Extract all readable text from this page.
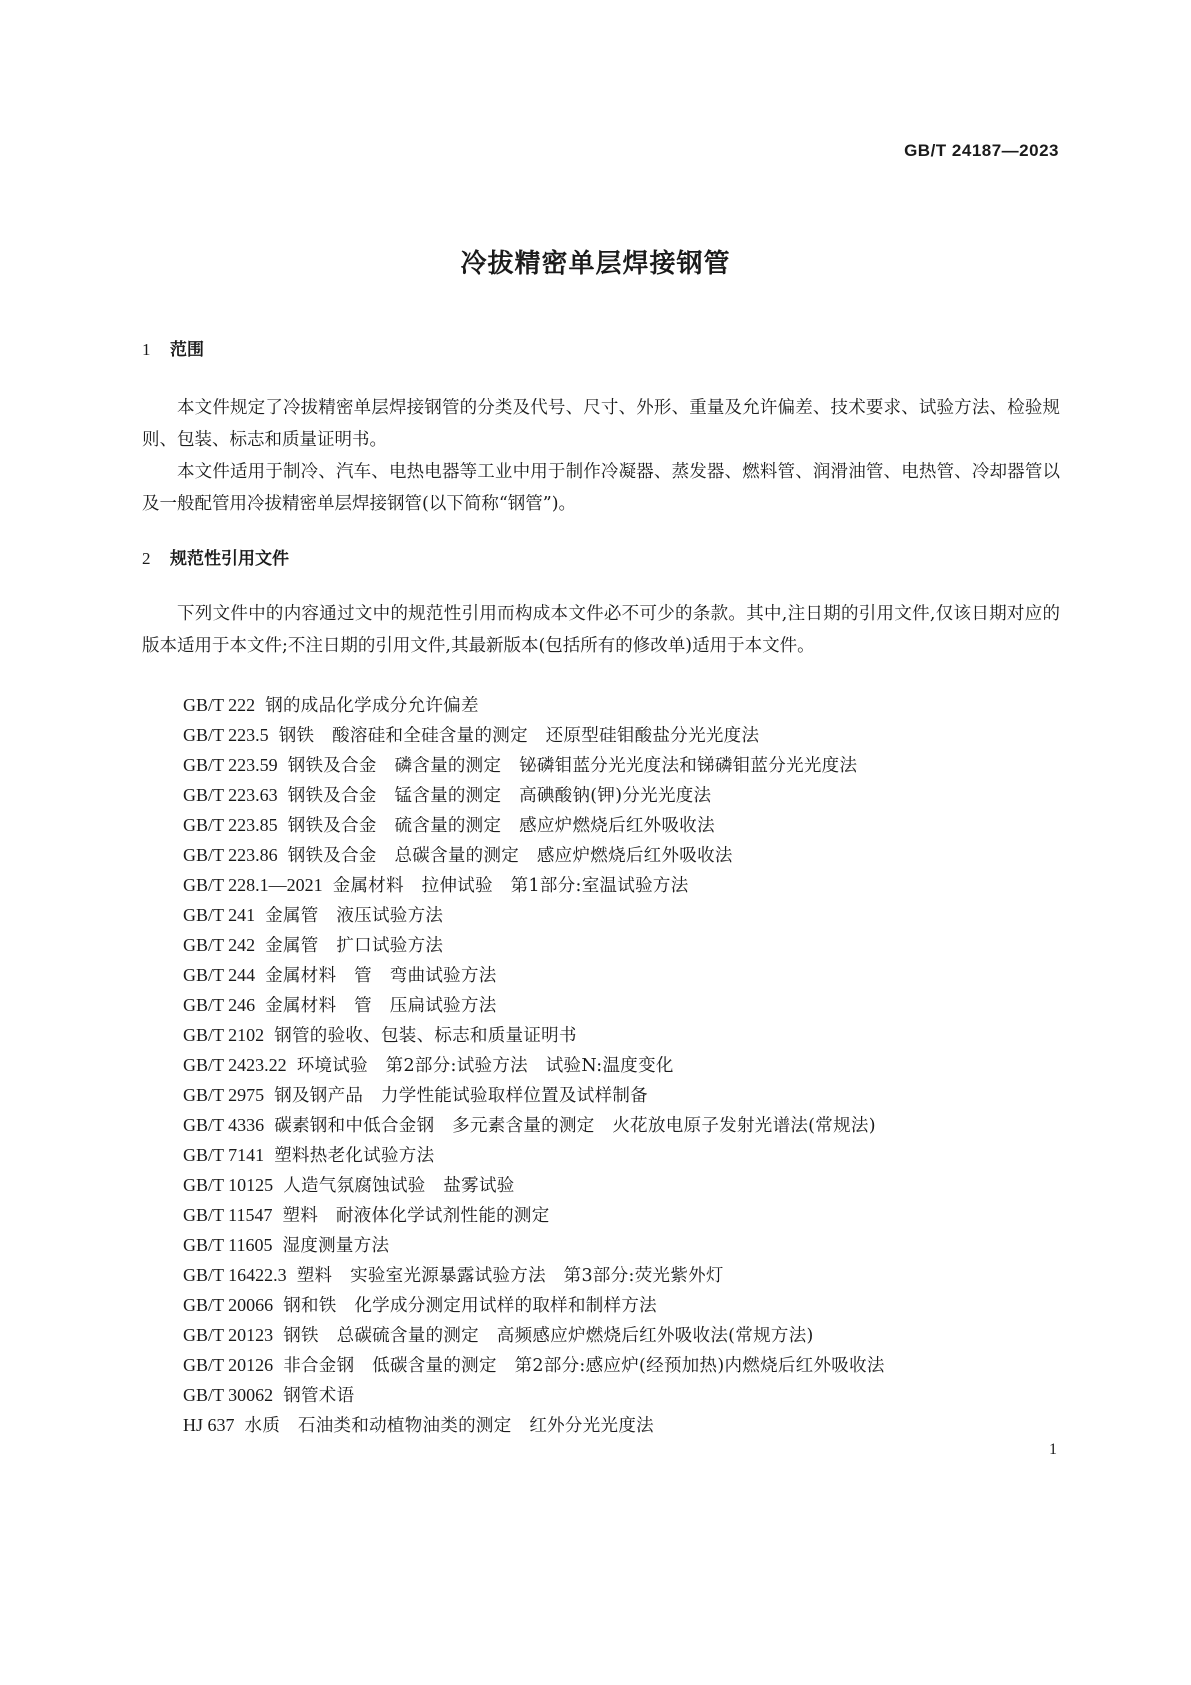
GB/T 24187—2023
冷拔精密单层焊接钢管
1 范围
本文件规定了冷拔精密单层焊接钢管的分类及代号、尺寸、外形、重量及允许偏差、技术要求、试验方法、检验规则、包装、标志和质量证明书。
本文件适用于制冷、汽车、电热电器等工业中用于制作冷凝器、蒸发器、燃料管、润滑油管、电热管、冷却器管以及一般配管用冷拔精密单层焊接钢管(以下简称“钢管”)。
2 规范性引用文件
下列文件中的内容通过文中的规范性引用而构成本文件必不可少的条款。其中,注日期的引用文件,仅该日期对应的版本适用于本文件;不注日期的引用文件,其最新版本(包括所有的修改单)适用于本文件。
GB/T 222 钢的成品化学成分允许偏差
GB/T 223.5 钢铁　酸溶硅和全硅含量的测定　还原型硅钼酸盐分光光度法
GB/T 223.59 钢铁及合金　磷含量的测定　铋磷钼蓝分光光度法和锑磷钼蓝分光光度法
GB/T 223.63 钢铁及合金　锰含量的测定　高碘酸钠(钾)分光光度法
GB/T 223.85 钢铁及合金　硫含量的测定　感应炉燃烧后红外吸收法
GB/T 223.86 钢铁及合金　总碳含量的测定　感应炉燃烧后红外吸收法
GB/T 228.1—2021 金属材料　拉伸试验　第1部分:室温试验方法
GB/T 241 金属管　液压试验方法
GB/T 242 金属管　扩口试验方法
GB/T 244 金属材料　管　弯曲试验方法
GB/T 246 金属材料　管　压扁试验方法
GB/T 2102 钢管的验收、包装、标志和质量证明书
GB/T 2423.22 环境试验　第2部分:试验方法　试验N:温度变化
GB/T 2975 钢及钢产品　力学性能试验取样位置及试样制备
GB/T 4336 碳素钢和中低合金钢　多元素含量的测定　火花放电原子发射光谱法(常规法)
GB/T 7141 塑料热老化试验方法
GB/T 10125 人造气氛腐蚀试验　盐雾试验
GB/T 11547 塑料　耐液体化学试剂性能的测定
GB/T 11605 湿度测量方法
GB/T 16422.3 塑料　实验室光源暴露试验方法　第3部分:荧光紫外灯
GB/T 20066 钢和铁　化学成分测定用试样的取样和制样方法
GB/T 20123 钢铁　总碳硫含量的测定　高频感应炉燃烧后红外吸收法(常规方法)
GB/T 20126 非合金钢　低碳含量的测定　第2部分:感应炉(经预加热)内燃烧后红外吸收法
GB/T 30062 钢管术语
HJ 637 水质　石油类和动植物油类的测定　红外分光光度法
1
